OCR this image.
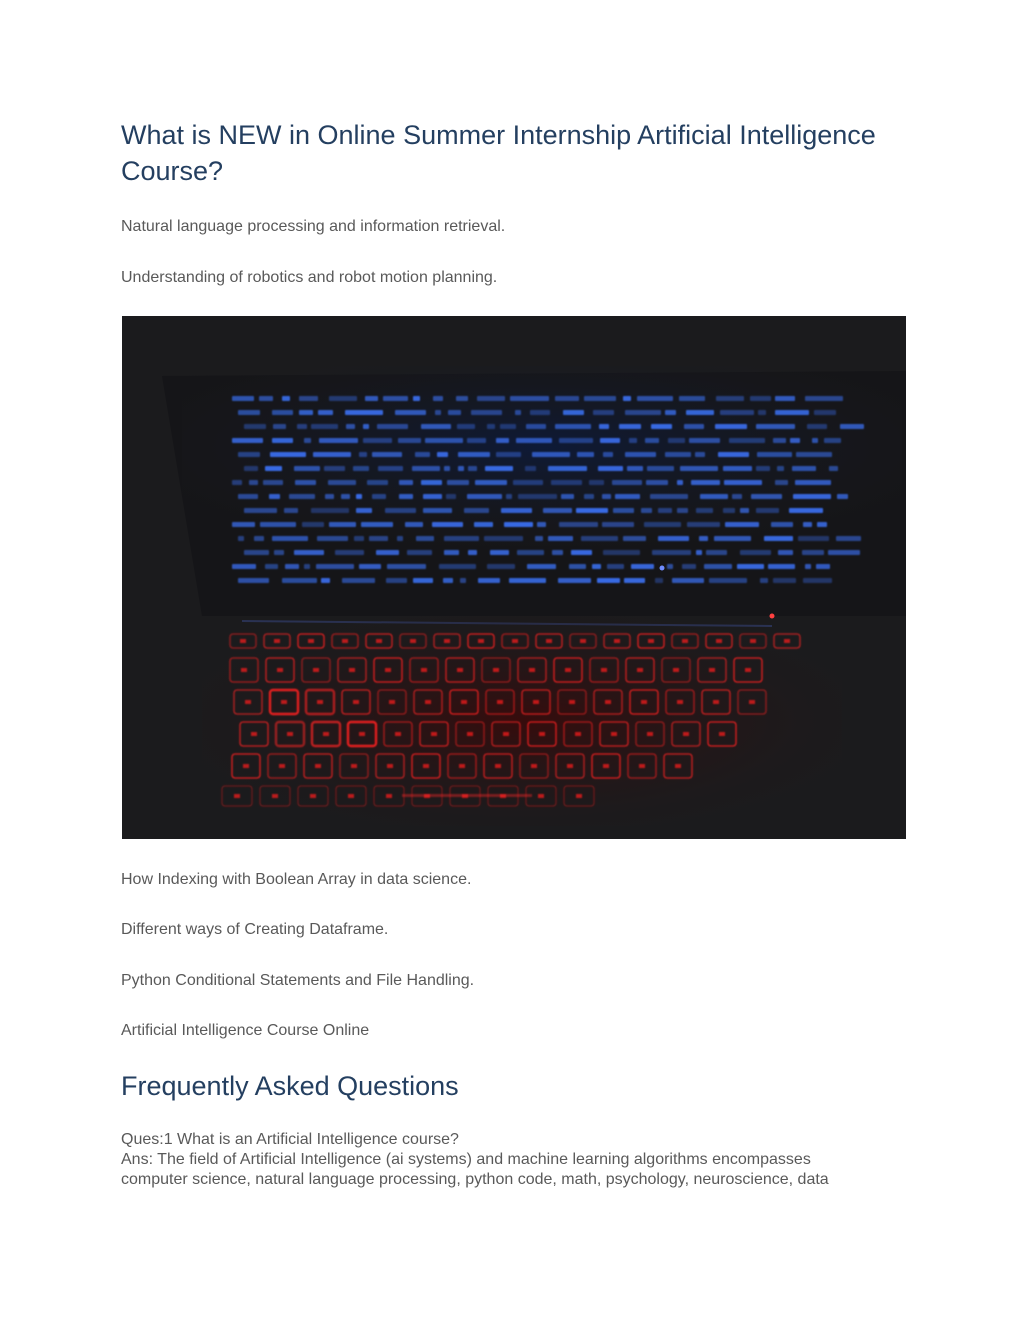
What is NEW in Online Summer Internship Artificial Intelligence Course?

Natural language processing and information retrieval.

Understanding of robotics and robot motion planning.

How Indexing with Boolean Array in data science.

Different ways of Creating Dataframe.

Python Conditional Statements and File Handling.

Artificial Intelligence Course Online

Frequently Asked Questions
Ques:1 What is an Artificial Intelligence course?
Ans: The field of Artificial Intelligence (ai systems) and machine learning algorithms encompasses
computer science, natural language processing, python code, math, psychology, neuroscience, data
